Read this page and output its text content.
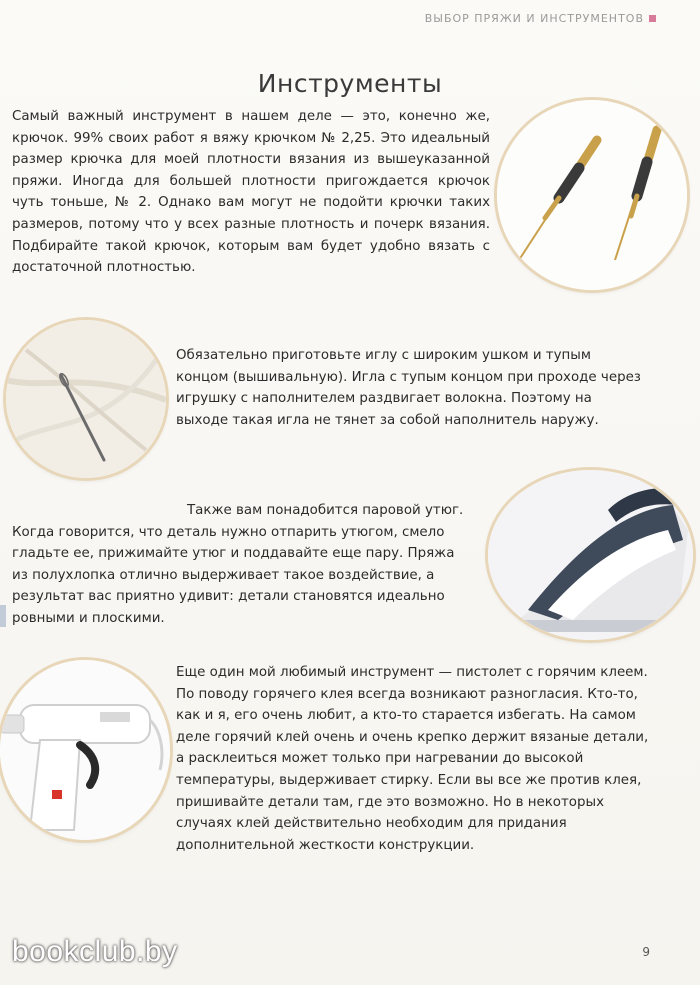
ВЫБОР ПРЯЖИ И ИНСТРУМЕНТОВ
Инструменты

Самый важный инструмент в нашем деле — это, конечно же, крючок. 99% своих работ я вяжу крючком № 2,25. Это идеальный размер крючка для моей плотности вязания из вышеуказанной пряжи. Иногда для большей плотности пригождается крючок чуть тоньше, № 2. Однако вам могут не подойти крючки таких размеров, потому что у всех разные плотность и почерк вязания. Подбирайте такой крючок, которым вам будет удобно вязать с достаточной плотностью.

Обязательно приготовьте иглу с широким ушком и тупым концом (вышивальную). Игла с тупым концом при проходе через игрушку с наполнителем раздвигает волокна. Поэтому на выходе такая игла не тянет за собой наполнитель наружу.

Также вам понадобится паровой утюг. Когда говорится, что деталь нужно отпарить утюгом, смело гладьте ее, прижимайте утюг и поддавайте еще пару. Пряжа из полухлопка отлично выдерживает такое воздействие, а результат вас приятно удивит: детали становятся идеально ровными и плоскими.

Еще один мой любимый инструмент — пистолет с горячим клеем. По поводу горячего клея всегда возникают разногласия. Кто-то, как и я, его очень любит, а кто-то старается избегать. На самом деле горячий клей очень и очень крепко держит вязаные детали, а расклеиться может только при нагревании до высокой температуры, выдерживает стирку. Если вы все же против клея, пришивайте детали там, где это возможно. Но в некоторых случаях клей действительно необходим для придания дополнительной жесткости конструкции.

bookclub.by	9
